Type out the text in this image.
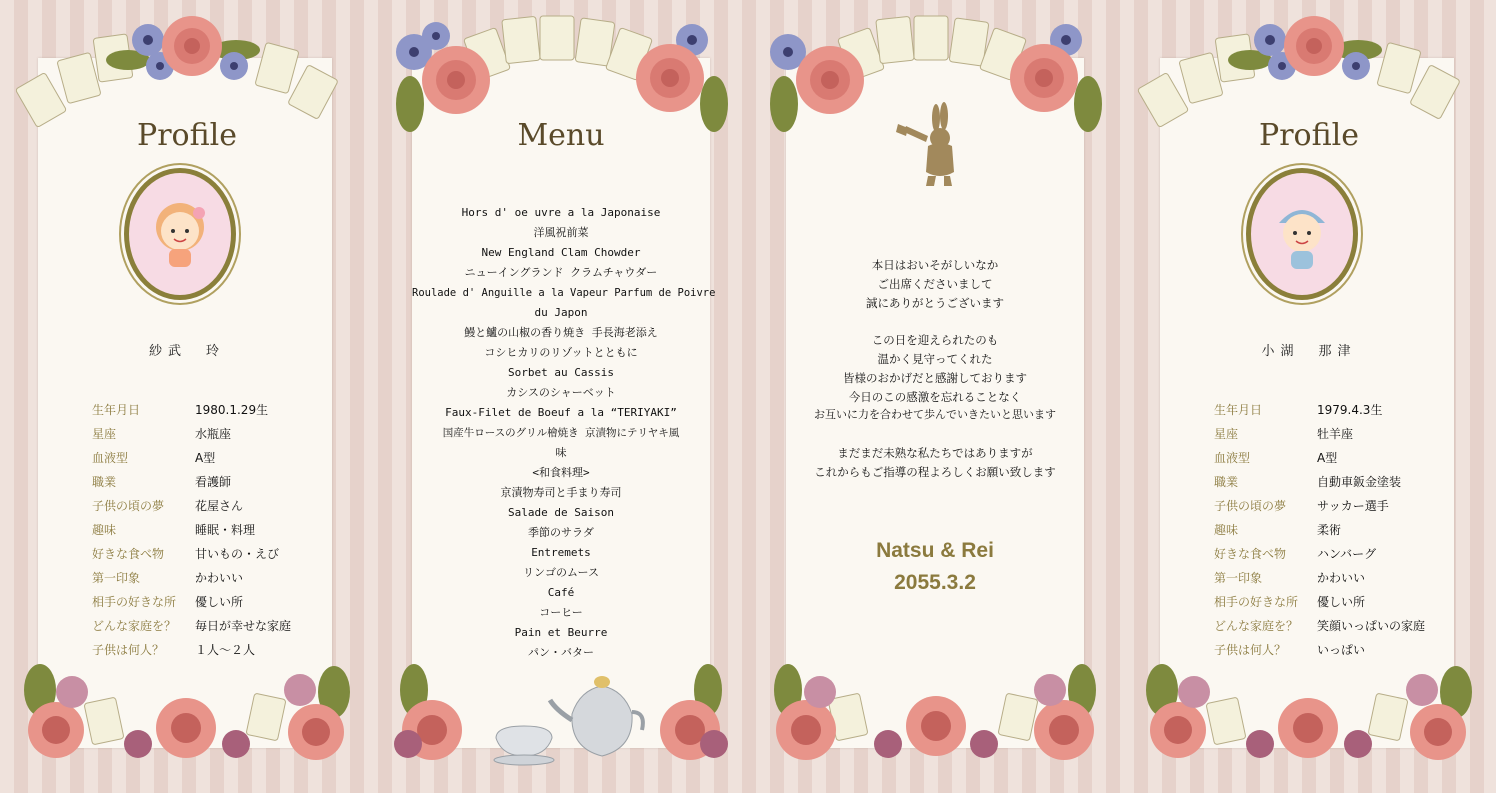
Profile
紗武　玲
生年月日	1980.1.29生
星座	水瓶座
血液型	A型
職業	看護師
子供の頃の夢	花屋さん
趣味	睡眠・料理
好きな食べ物	甘いもの・えび
第一印象	かわいい
相手の好きな所	優しい所
どんな家庭を？	毎日が幸せな家庭
子供は何人？	１人〜２人
Menu
Hors d' oe uvre a la Japonaise
洋風祝前菜
New England Clam Chowder
ニューイングランド クラムチャウダー
Roulade d' Anguille a la Vapeur Parfum de Poivre
du Japon
鰻と鱸の山椒の香り焼き 手長海老添え
コシヒカリのリゾットとともに
Sorbet au Cassis
カシスのシャーベット
Faux-Filet de Boeuf a la “TERIYAKI”
国産牛ロースのグリル檜焼き 京漬物にテリヤキ風
味
<和食料理>
京漬物寿司と手まり寿司
Salade de Saison
季節のサラダ
Entremets
リンゴのムース
Café
コーヒー
Pain et Beurre
パン・バター
本日はおいそがしいなか
ご出席くださいまして
誠にありがとうございます
この日を迎えられたのも
温かく見守ってくれた
皆様のおかげだと感謝しております
今日のこの感激を忘れることなく
お互いに力を合わせて歩んでいきたいと思います
まだまだ未熟な私たちではありますが
これからもご指導の程よろしくお願い致します
Natsu & Rei
2055.3.2
Profile
小湖　那津
生年月日	1979.4.3生
星座	牡羊座
血液型	A型
職業	自動車鈑金塗装
子供の頃の夢	サッカー選手
趣味	柔術
好きな食べ物	ハンバーグ
第一印象	かわいい
相手の好きな所	優しい所
どんな家庭を？	笑顔いっぱいの家庭
子供は何人？	いっぱい
